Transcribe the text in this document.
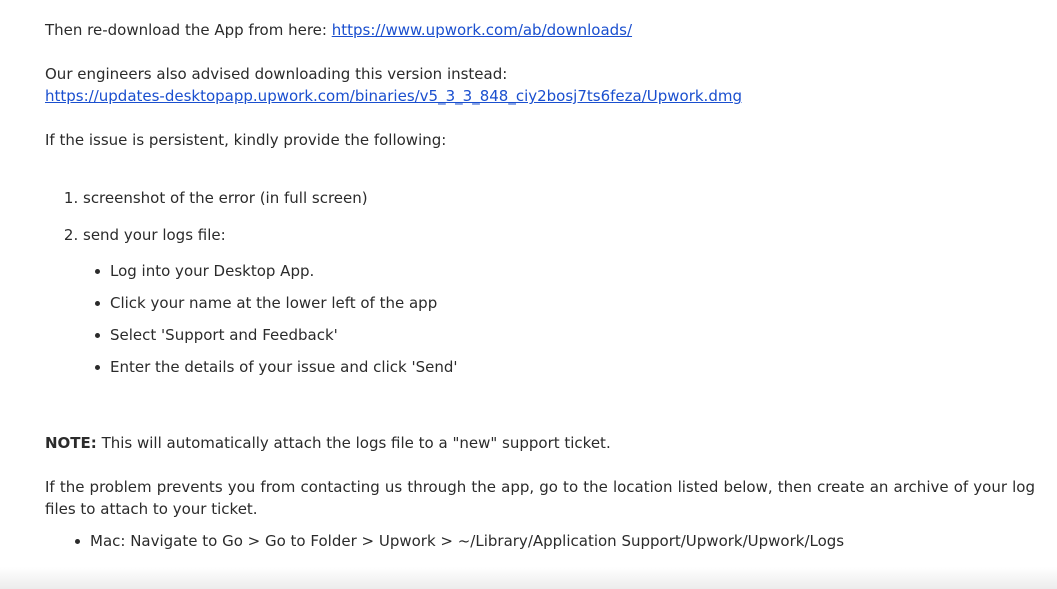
Then re-download the App from here: https://www.upwork.com/ab/downloads/

Our engineers also advised downloading this version instead:
https://updates-desktopapp.upwork.com/binaries/v5_3_3_848_ciy2bosj7ts6feza/Upwork.dmg

If the issue is persistent, kindly provide the following:

1. screenshot of the error (in full screen)
2. send your logs file:
Log into your Desktop App.
Click your name at the lower left of the app
Select 'Support and Feedback'
Enter the details of your issue and click 'Send'

NOTE: This will automatically attach the logs file to a "new" support ticket.

If the problem prevents you from contacting us through the app, go to the location listed below, then create an archive of your log files to attach to your ticket.

Mac: Navigate to Go > Go to Folder > Upwork > ~/Library/Application Support/Upwork/Upwork/Logs
